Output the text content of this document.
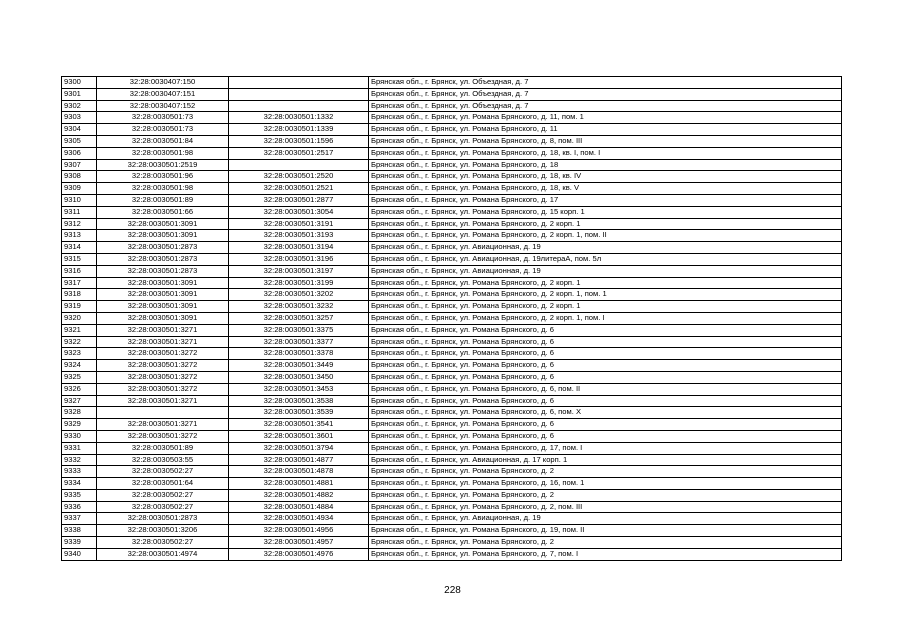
9300	32:28:0030407:150		Брянская обл., г. Брянск, ул. Объездная, д. 7
9301	32:28:0030407:151		Брянская обл., г. Брянск, ул. Объездная, д. 7
9302	32:28:0030407:152		Брянская обл., г. Брянск, ул. Объездная, д. 7
9303	32:28:0030501:73	32:28:0030501:1332	Брянская обл., г. Брянск, ул. Романа Брянского, д. 11, пом. 1
9304	32:28:0030501:73	32:28:0030501:1339	Брянская обл., г. Брянск, ул. Романа Брянского, д. 11
9305	32:28:0030501:84	32:28:0030501:1596	Брянская обл., г. Брянск, ул. Романа Брянского, д. 8, пом. III
9306	32:28:0030501:98	32:28:0030501:2517	Брянская обл., г. Брянск, ул. Романа Брянского, д. 18, кв. I, пом. I
9307	32:28:0030501:2519		Брянская обл., г. Брянск, ул. Романа Брянского, д. 18
9308	32:28:0030501:96	32:28:0030501:2520	Брянская обл., г. Брянск, ул. Романа Брянского, д. 18, кв. IV
9309	32:28:0030501:98	32:28:0030501:2521	Брянская обл., г. Брянск, ул. Романа Брянского, д. 18, кв. V
9310	32:28:0030501:89	32:28:0030501:2877	Брянская обл., г. Брянск, ул. Романа Брянского, д. 17
9311	32:28:0030501:66	32:28:0030501:3054	Брянская обл., г. Брянск, ул. Романа Брянского, д. 15 корп. 1
9312	32:28:0030501:3091	32:28:0030501:3191	Брянская обл., г. Брянск, ул. Романа Брянского, д. 2 корп. 1
9313	32:28:0030501:3091	32:28:0030501:3193	Брянская обл., г. Брянск, ул. Романа Брянского, д. 2 корп. 1, пом. II
9314	32:28:0030501:2873	32:28:0030501:3194	Брянская обл., г. Брянск, ул. Авиационная, д. 19
9315	32:28:0030501:2873	32:28:0030501:3196	Брянская обл., г. Брянск, ул. Авиационная, д. 19литераА, пом. 5л
9316	32:28:0030501:2873	32:28:0030501:3197	Брянская обл., г. Брянск, ул. Авиационная, д. 19
9317	32:28:0030501:3091	32:28:0030501:3199	Брянская обл., г. Брянск, ул. Романа Брянского, д. 2 корп. 1
9318	32:28:0030501:3091	32:28:0030501:3202	Брянская обл., г. Брянск, ул. Романа Брянского, д. 2 корп. 1, пом. 1
9319	32:28:0030501:3091	32:28:0030501:3232	Брянская обл., г. Брянск, ул. Романа Брянского, д. 2 корп. 1
9320	32:28:0030501:3091	32:28:0030501:3257	Брянская обл., г. Брянск, ул. Романа Брянского, д. 2 корп. 1, пом. I
9321	32:28:0030501:3271	32:28:0030501:3375	Брянская обл., г. Брянск, ул. Романа Брянского, д. 6
9322	32:28:0030501:3271	32:28:0030501:3377	Брянская обл., г. Брянск, ул. Романа Брянского, д. 6
9323	32:28:0030501:3272	32:28:0030501:3378	Брянская обл., г. Брянск, ул. Романа Брянского, д. 6
9324	32:28:0030501:3272	32:28:0030501:3449	Брянская обл., г. Брянск, ул. Романа Брянского, д. 6
9325	32:28:0030501:3272	32:28:0030501:3450	Брянская обл., г. Брянск, ул. Романа Брянского, д. 6
9326	32:28:0030501:3272	32:28:0030501:3453	Брянская обл., г. Брянск, ул. Романа Брянского, д. 6, пом. II
9327	32:28:0030501:3271	32:28:0030501:3538	Брянская обл., г. Брянск, ул. Романа Брянского, д. 6
9328		32:28:0030501:3539	Брянская обл., г. Брянск, ул. Романа Брянского, д. 6, пом. X
9329	32:28:0030501:3271	32:28:0030501:3541	Брянская обл., г. Брянск, ул. Романа Брянского, д. 6
9330	32:28:0030501:3272	32:28:0030501:3601	Брянская обл., г. Брянск, ул. Романа Брянского, д. 6
9331	32:28:0030501:89	32:28:0030501:3794	Брянская обл., г. Брянск, ул. Романа Брянского, д. 17, пом. I
9332	32:28:0030503:55	32:28:0030501:4877	Брянская обл., г. Брянск, ул. Авиационная, д. 17 корп. 1
9333	32:28:0030502:27	32:28:0030501:4878	Брянская обл., г. Брянск, ул. Романа Брянского, д. 2
9334	32:28:0030501:64	32:28:0030501:4881	Брянская обл., г. Брянск, ул. Романа Брянского, д. 16, пом. 1
9335	32:28:0030502:27	32:28:0030501:4882	Брянская обл., г. Брянск, ул. Романа Брянского, д. 2
9336	32:28:0030502:27	32:28:0030501:4884	Брянская обл., г. Брянск, ул. Романа Брянского, д. 2, пом. III
9337	32:28:0030501:2873	32:28:0030501:4934	Брянская обл., г. Брянск, ул. Авиационная, д. 19
9338	32:28:0030501:3206	32:28:0030501:4956	Брянская обл., г. Брянск, ул. Романа Брянского, д. 19, пом. II
9339	32:28:0030502:27	32:28:0030501:4957	Брянская обл., г. Брянск, ул. Романа Брянского, д. 2
9340	32:28:0030501:4974	32:28:0030501:4976	Брянская обл., г. Брянск, ул. Романа Брянского, д. 7, пом. I
228
